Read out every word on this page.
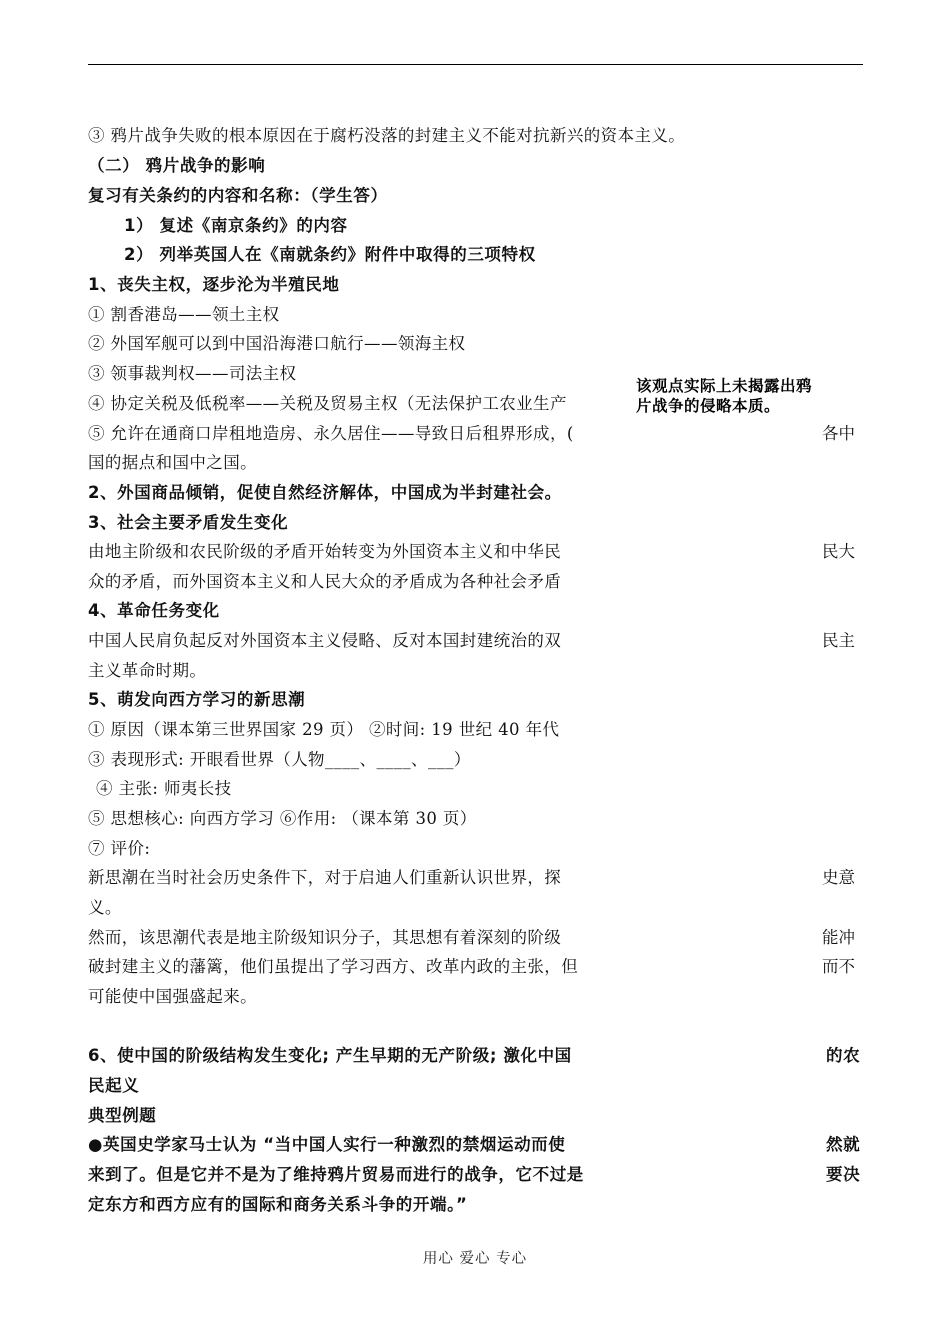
③ 鸦片战争失败的根本原因在于腐朽没落的封建主义不能对抗新兴的资本主义。
（二） 鸦片战争的影响
复习有关条约的内容和名称：（学生答）
1） 复述《南京条约》的内容
2） 列举英国人在《南就条约》附件中取得的三项特权
1、丧失主权，逐步沦为半殖民地
① 割香港岛——领土主权
② 外国军舰可以到中国沿海港口航行——领海主权
③ 领事裁判权——司法主权
④ 协定关税及低税率——关税及贸易主权（无法保护工农业生产
⑤ 允许在通商口岸租地造房、永久居住——导致日后租界形成，(	各中
国的据点和国中之国。
2、外国商品倾销，促使自然经济解体，中国成为半封建社会。
3、社会主要矛盾发生变化
由地主阶级和农民阶级的矛盾开始转变为外国资本主义和中华民	民大
众的矛盾，而外国资本主义和人民大众的矛盾成为各种社会矛盾
4、革命任务变化
中国人民肩负起反对外国资本主义侵略、反对本国封建统治的双	民主
主义革命时期。
5、萌发向西方学习的新思潮
① 原因（课本第三世界国家 29 页） ②时间: 19 世纪 40 年代
③ 表现形式: 开眼看世界（人物____、____、___）
④ 主张: 师夷长技
⑤ 思想核心: 向西方学习 ⑥作用: （课本第 30 页）
⑦ 评价:
新思潮在当时社会历史条件下，对于启迪人们重新认识世界，探	史意
义。
然而，该思潮代表是地主阶级知识分子，其思想有着深刻的阶级	能冲
破封建主义的藩篱，他们虽提出了学习西方、改革内政的主张，但	而不
可能使中国强盛起来。
6、使中国的阶级结构发生变化; 产生早期的无产阶级; 激化中国	的农
民起义
典型例题
●英国史学家马士认为 “当中国人实行一种激烈的禁烟运动而使	然就
来到了。但是它并不是为了维持鸦片贸易而进行的战争，它不过是	要决
定东方和西方应有的国际和商务关系斗争的开端。”
该观点实际上未揭露出鸦片战争的侵略本质。
用心 爱心 专心
